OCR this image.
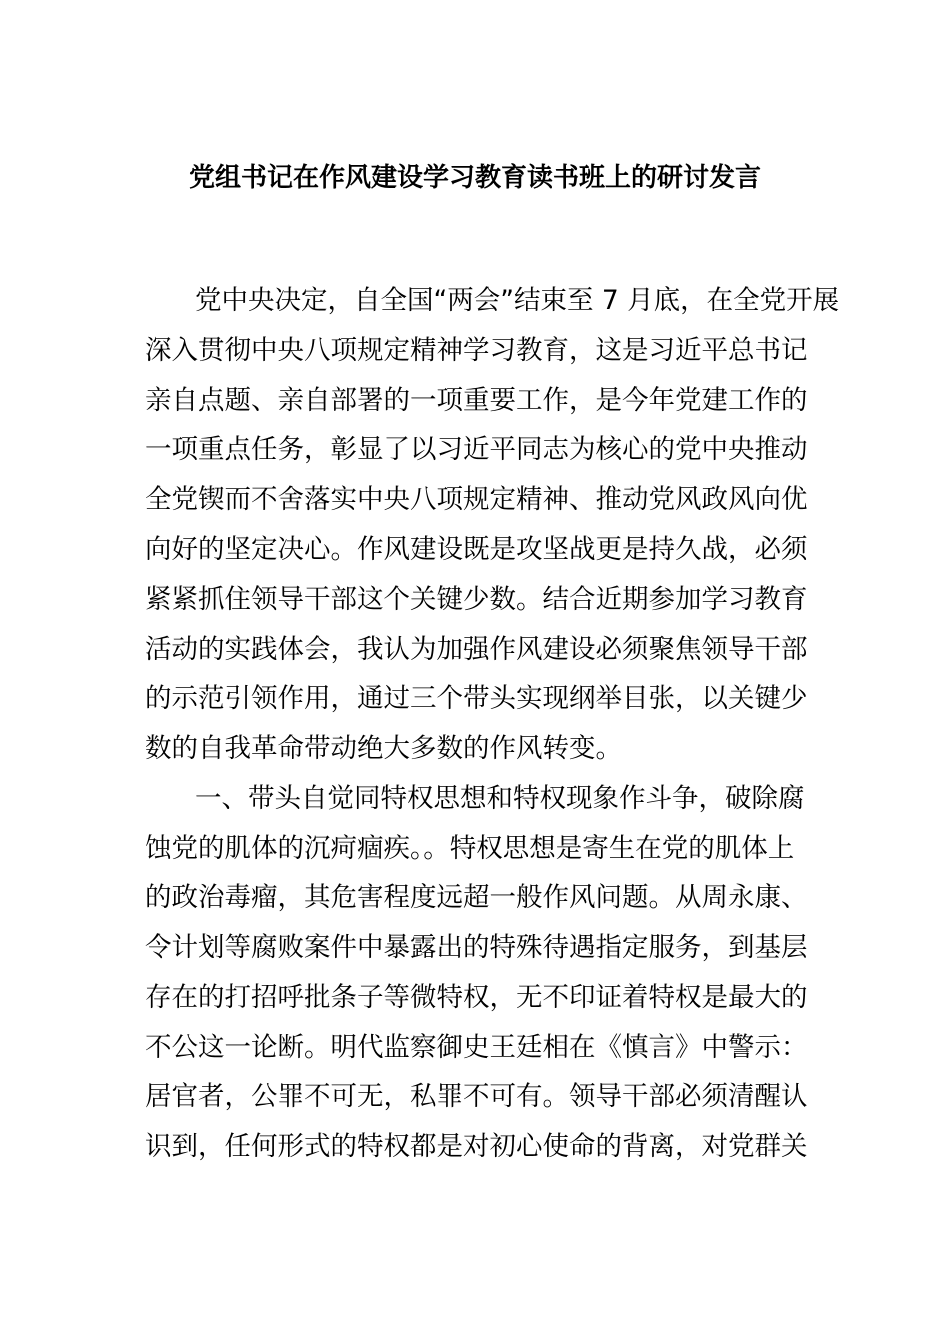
党组书记在作风建设学习教育读书班上的研讨发言

党中央决定，自全国“两会”结束至 7 月底，在全党开展

深入贯彻中央八项规定精神学习教育，这是习近平总书记

亲自点题、亲自部署的一项重要工作，是今年党建工作的

一项重点任务，彰显了以习近平同志为核心的党中央推动

全党锲而不舍落实中央八项规定精神、推动党风政风向优

向好的坚定决心。作风建设既是攻坚战更是持久战，必须

紧紧抓住领导干部这个关键少数。结合近期参加学习教育

活动的实践体会，我认为加强作风建设必须聚焦领导干部

的示范引领作用，通过三个带头实现纲举目张，以关键少

数的自我革命带动绝大多数的作风转变。

一、带头自觉同特权思想和特权现象作斗争，破除腐

蚀党的肌体的沉疴痼疾。。特权思想是寄生在党的肌体上

的政治毒瘤，其危害程度远超一般作风问题。从周永康、

令计划等腐败案件中暴露出的特殊待遇指定服务，到基层

存在的打招呼批条子等微特权，无不印证着特权是最大的

不公这一论断。明代监察御史王廷相在《慎言》中警示：

居官者，公罪不可无，私罪不可有。领导干部必须清醒认

识到，任何形式的特权都是对初心使命的背离，对党群关
